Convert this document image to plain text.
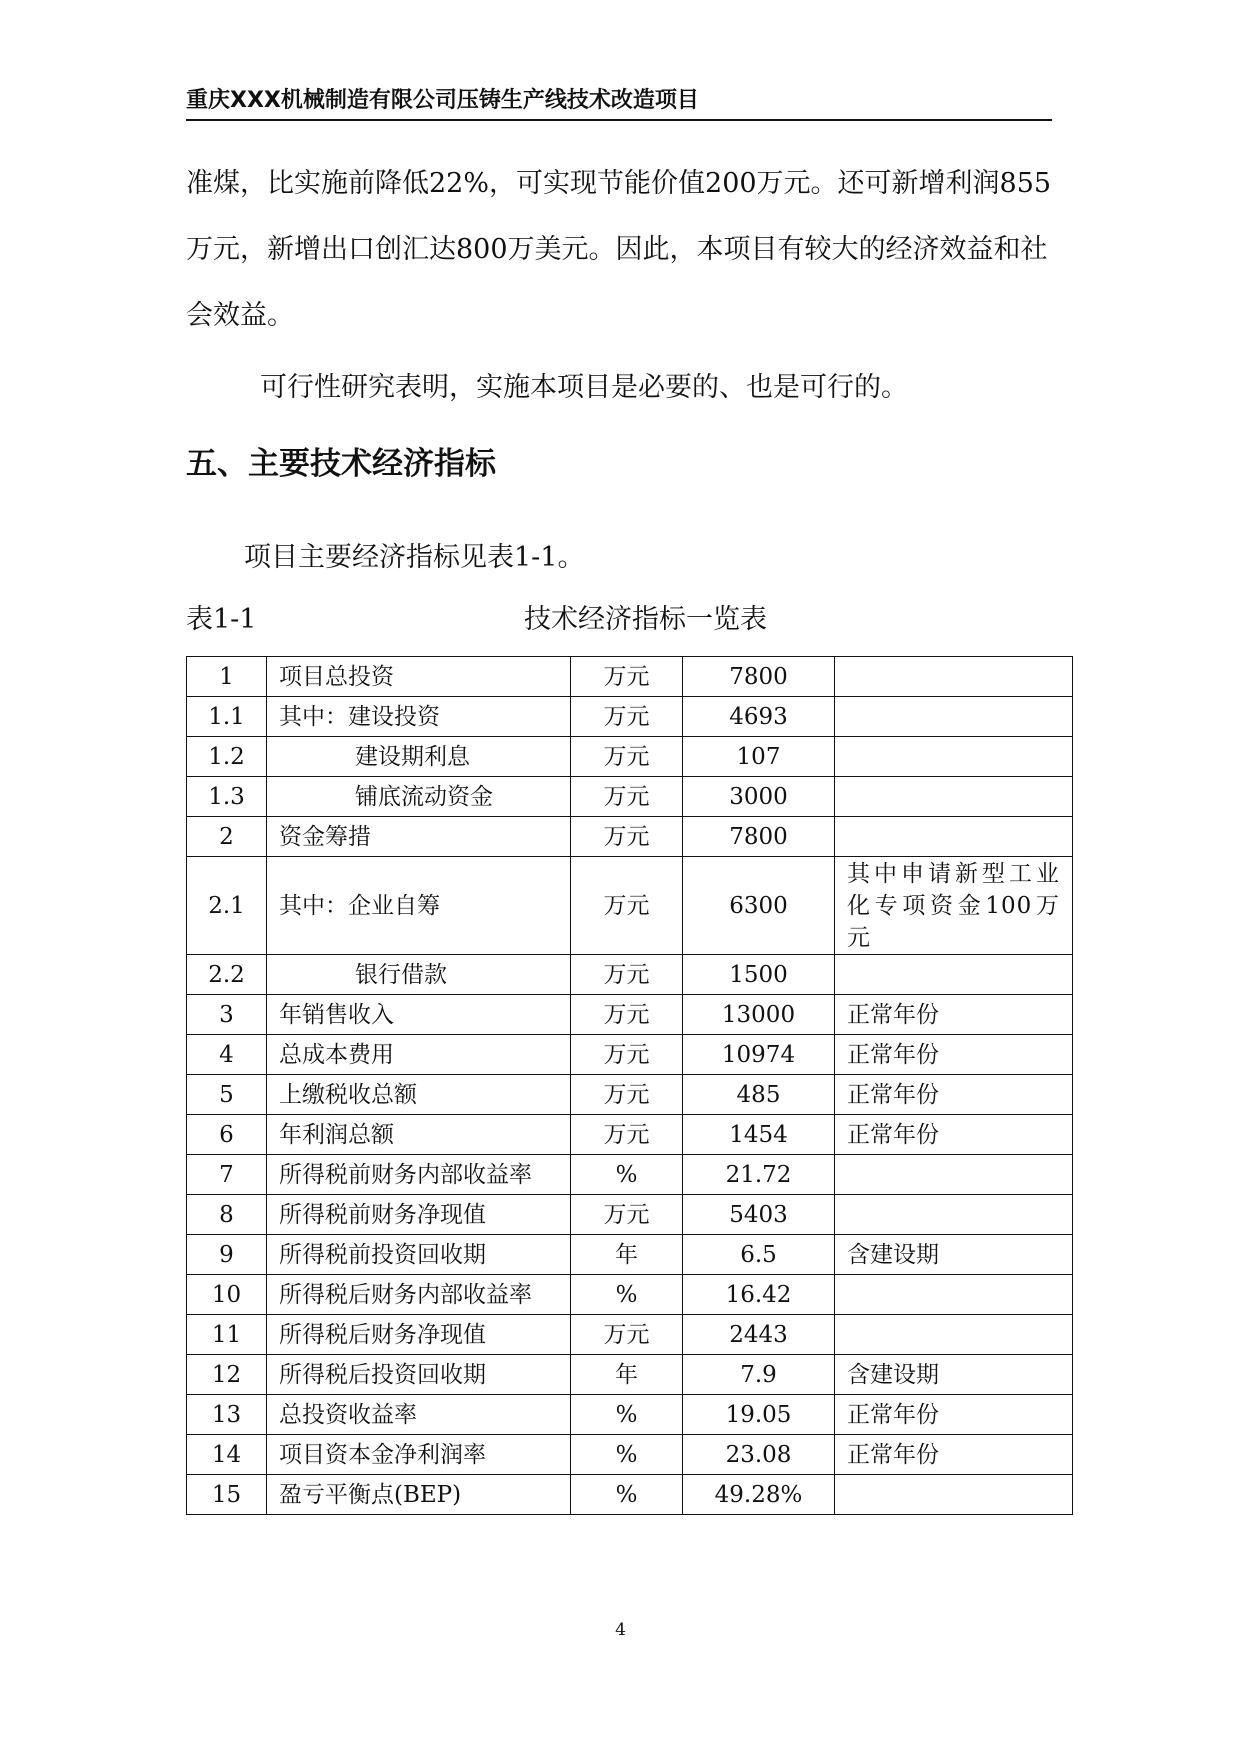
重庆XXX机械制造有限公司压铸生产线技术改造项目

准煤，比实施前降低22%，可实现节能价值200万元。还可新增利润855万元，新增出口创汇达800万美元。因此，本项目有较大的经济效益和社会效益。

可行性研究表明，实施本项目是必要的、也是可行的。

五、主要技术经济指标
项目主要经济指标见表1-1。
表1-1	技术经济指标一览表
1	项目总投资	万元	7800	
1.1	其中：建设投资	万元	4693	
1.2	建设期利息	万元	107	
1.3	铺底流动资金	万元	3000	
2	资金筹措	万元	7800	
2.1	其中：企业自筹	万元	6300	其中申请新型工业化专项资金100万元
2.2	银行借款	万元	1500	
3	年销售收入	万元	13000	正常年份
4	总成本费用	万元	10974	正常年份
5	上缴税收总额	万元	485	正常年份
6	年利润总额	万元	1454	正常年份
7	所得税前财务内部收益率	%	21.72	
8	所得税前财务净现值	万元	5403	
9	所得税前投资回收期	年	6.5	含建设期
10	所得税后财务内部收益率	%	16.42	
11	所得税后财务净现值	万元	2443	
12	所得税后投资回收期	年	7.9	含建设期
13	总投资收益率	%	19.05	正常年份
14	项目资本金净利润率	%	23.08	正常年份
15	盈亏平衡点(BEP)	%	49.28%	
4
